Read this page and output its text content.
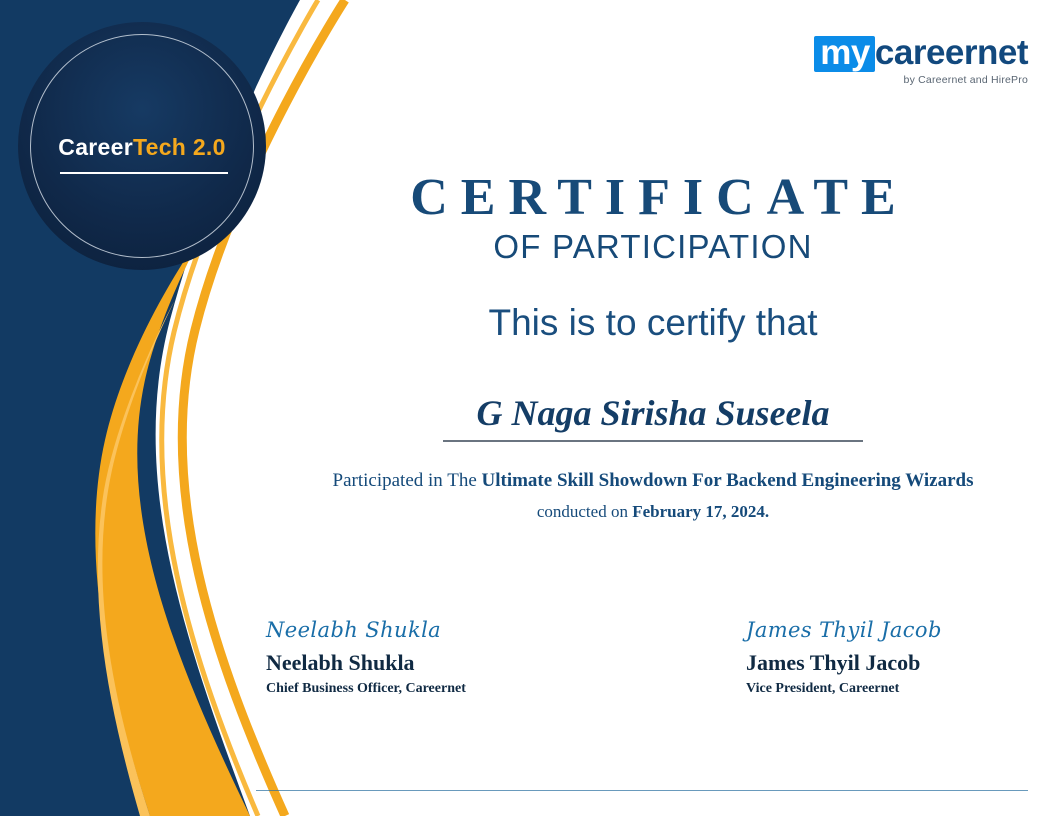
CareerTech 2.0
my careernet
by Careernet and HirePro
CERTIFICATE
OF PARTICIPATION
This is to certify that
G Naga Sirisha Suseela
Participated in The Ultimate Skill Showdown For Backend Engineering Wizards
conducted on February 17, 2024.
Neelabh Shukla
Neelabh Shukla
Chief Business Officer, Careernet
James Thyil Jacob
James Thyil Jacob
Vice President, Careernet
